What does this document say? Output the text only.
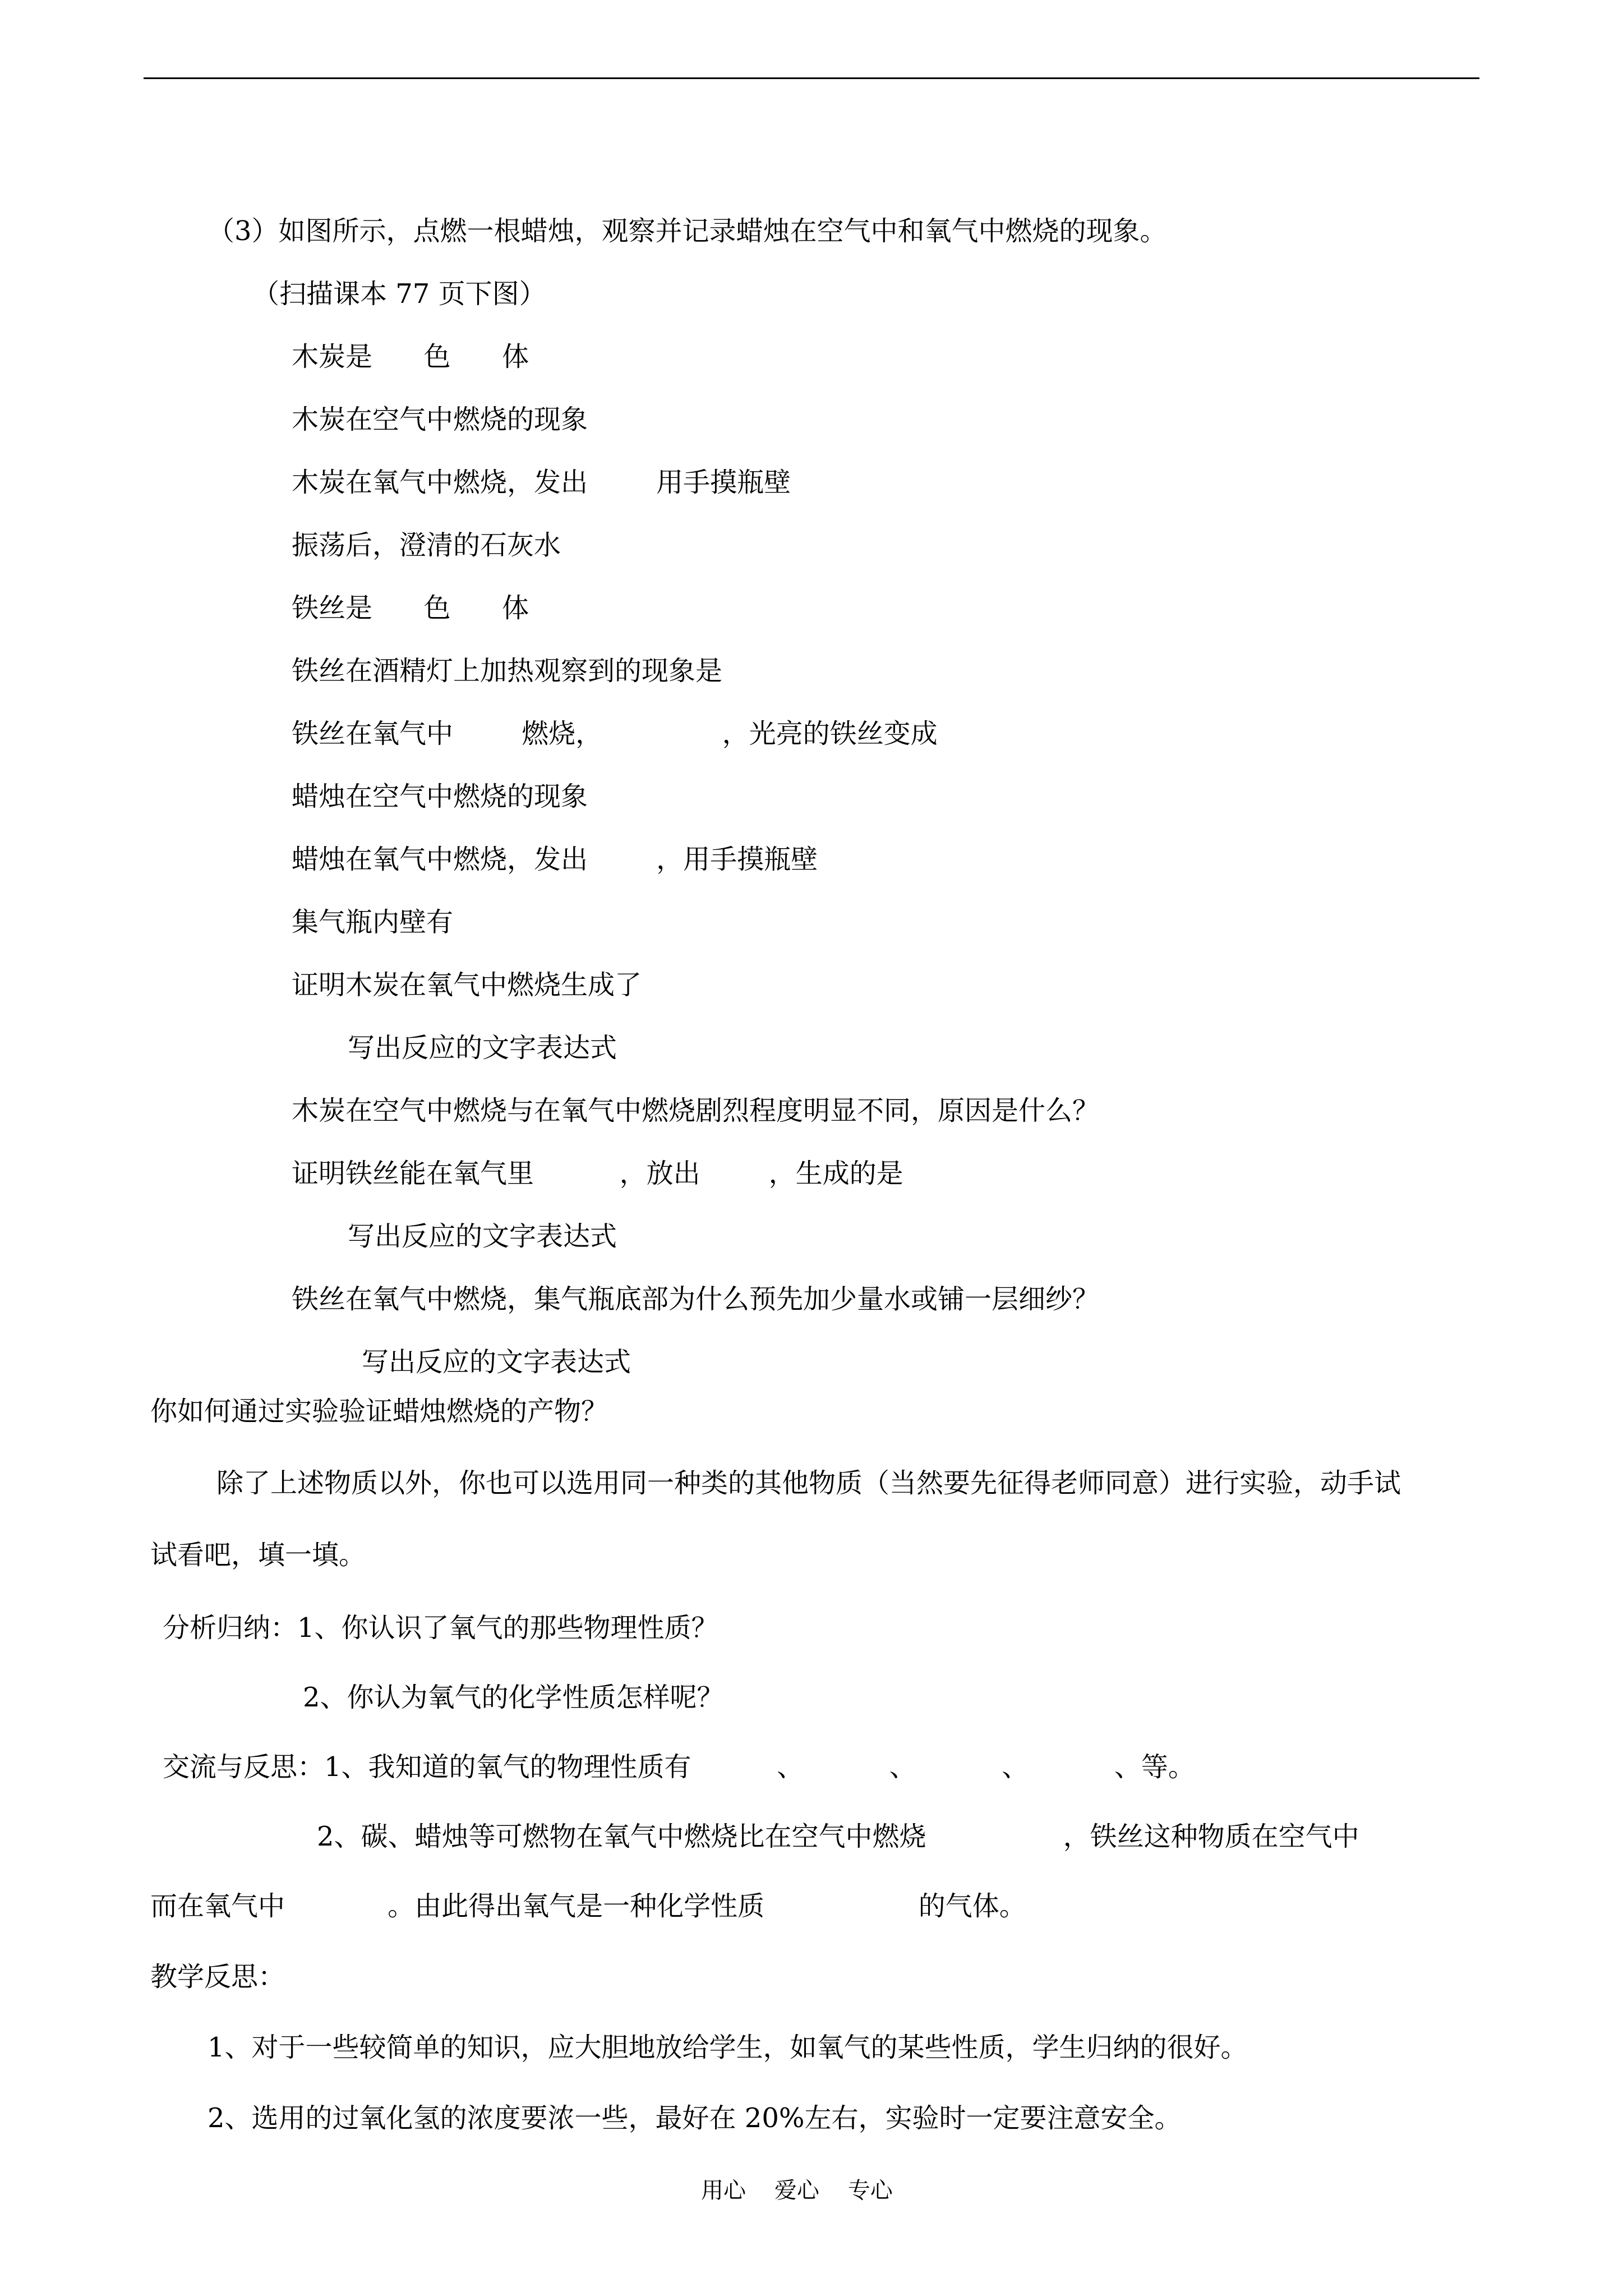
（3）如图所示，点燃一根蜡烛，观察并记录蜡烛在空气中和氧气中燃烧的现象。
（扫描课本 77 页下图）
木炭是      色      体
木炭在空气中燃烧的现象
木炭在氧气中燃烧，发出        用手摸瓶壁
振荡后，澄清的石灰水
铁丝是      色      体
铁丝在酒精灯上加热观察到的现象是
铁丝在氧气中        燃烧，              ，光亮的铁丝变成
蜡烛在空气中燃烧的现象
蜡烛在氧气中燃烧，发出        ，用手摸瓶壁
集气瓶内壁有
证明木炭在氧气中燃烧生成了
写出反应的文字表达式
木炭在空气中燃烧与在氧气中燃烧剧烈程度明显不同，原因是什么？
证明铁丝能在氧气里          ，放出        ，生成的是
写出反应的文字表达式
铁丝在氧气中燃烧，集气瓶底部为什么预先加少量水或铺一层细纱？
写出反应的文字表达式
你如何通过实验验证蜡烛燃烧的产物？
除了上述物质以外，你也可以选用同一种类的其他物质（当然要先征得老师同意）进行实验，动手试
试看吧，填一填。
分析归纳：1、你认识了氧气的那些物理性质？
2、你认为氧气的化学性质怎样呢？
交流与反思：1、我知道的氧气的物理性质有          、          、          、          、等。
2、碳、蜡烛等可燃物在氧气中燃烧比在空气中燃烧                ，铁丝这种物质在空气中
而在氧气中            。由此得出氧气是一种化学性质                  的气体。
教学反思：
1、对于一些较简单的知识，应大胆地放给学生，如氧气的某些性质，学生归纳的很好。
2、选用的过氧化氢的浓度要浓一些，最好在 20%左右，实验时一定要注意安全。
用心    爱心    专心
